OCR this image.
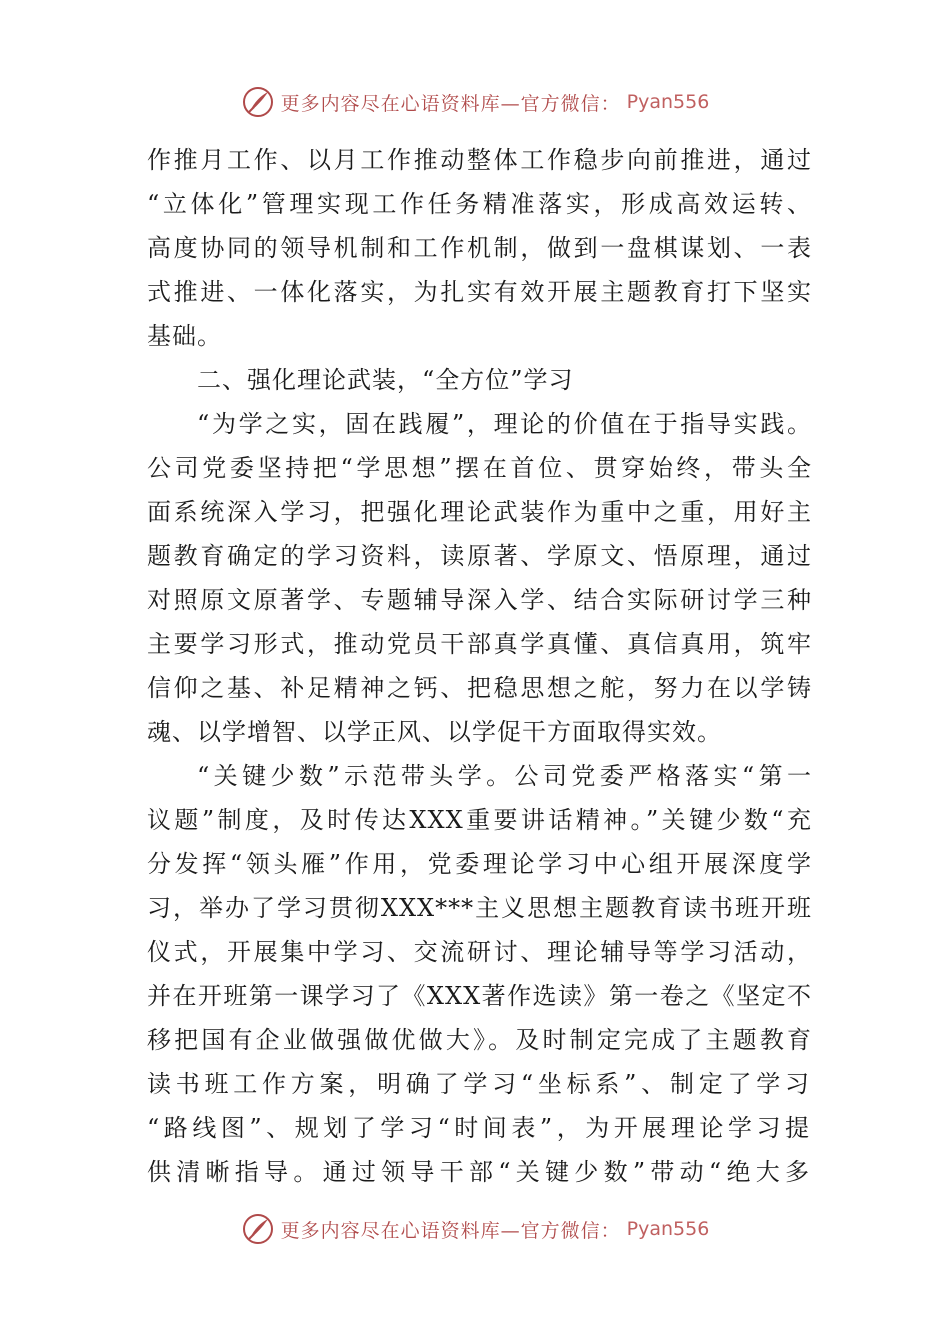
更多内容尽在心语资料库—官方微信： Pyan556
作推月工作、以月工作推动整体工作稳步向前推进，通过
“立体化”管理实现工作任务精准落实，形成高效运转、
高度协同的领导机制和工作机制，做到一盘棋谋划、一表
式推进、一体化落实，为扎实有效开展主题教育打下坚实
基础。
二、强化理论武装，“全方位”学习
“为学之实，固在践履”，理论的价值在于指导实践。
公司党委坚持把“学思想”摆在首位、贯穿始终，带头全
面系统深入学习，把强化理论武装作为重中之重，用好主
题教育确定的学习资料，读原著、学原文、悟原理，通过
对照原文原著学、专题辅导深入学、结合实际研讨学三种
主要学习形式，推动党员干部真学真懂、真信真用，筑牢
信仰之基、补足精神之钙、把稳思想之舵，努力在以学铸
魂、以学增智、以学正风、以学促干方面取得实效。
“关键少数”示范带头学。公司党委严格落实“第一
议题”制度，及时传达XXX重要讲话精神。”关键少数“充
分发挥“领头雁”作用，党委理论学习中心组开展深度学
习，举办了学习贯彻XXX***主义思想主题教育读书班开班
仪式，开展集中学习、交流研讨、理论辅导等学习活动，
并在开班第一课学习了《XXX著作选读》第一卷之《坚定不
移把国有企业做强做优做大》。及时制定完成了主题教育
读书班工作方案，明确了学习“坐标系”、制定了学习
“路线图”、规划了学习“时间表”，为开展理论学习提
供清晰指导。通过领导干部“关键少数”带动“绝大多
更多内容尽在心语资料库—官方微信： Pyan556
